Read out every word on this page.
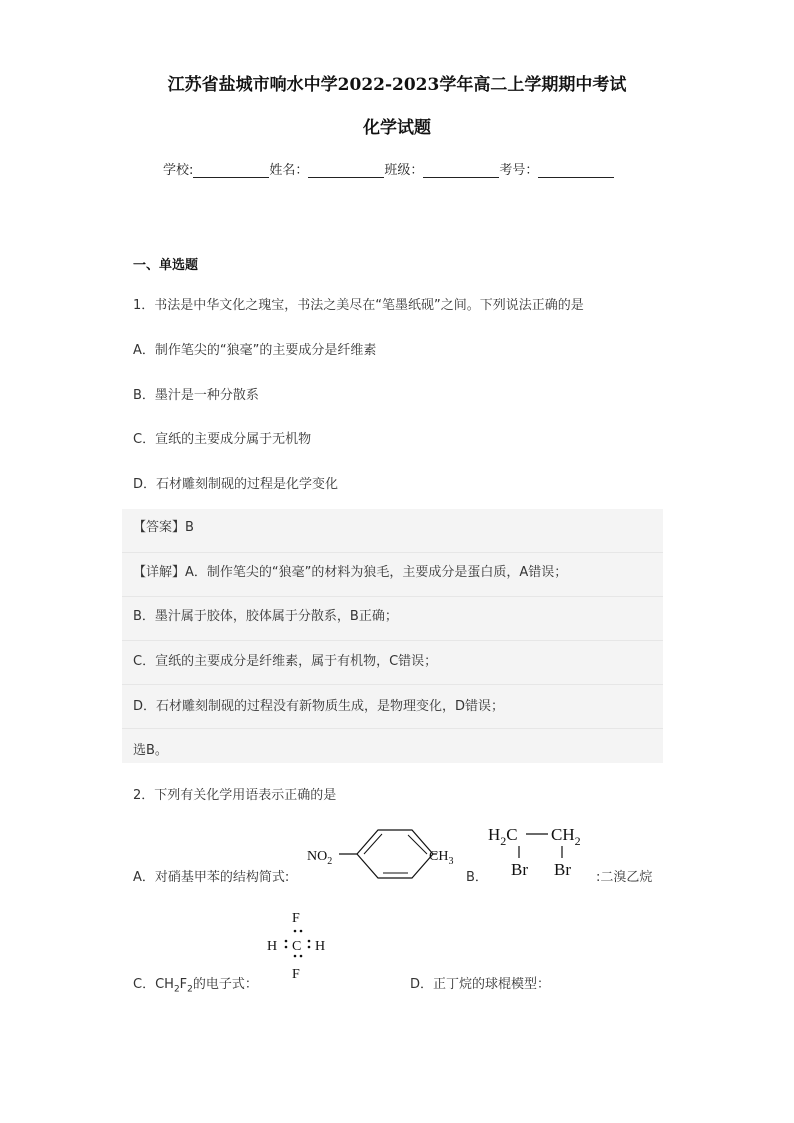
江苏省盐城市响水中学2022-2023学年高二上学期期中考试
化学试题
学校:	姓名：	班级：	考号：
一、单选题
1．书法是中华文化之瑰宝，书法之美尽在“笔墨纸砚”之间。下列说法正确的是
A．制作笔尖的“狼毫”的主要成分是纤维素
B．墨汁是一种分散系
C．宣纸的主要成分属于无机物
D．石材雕刻制砚的过程是化学变化
【答案】B
【详解】A．制作笔尖的“狼毫”的材料为狼毛，主要成分是蛋白质，A错误；
B．墨汁属于胶体，胶体属于分散系，B正确；
C．宣纸的主要成分是纤维素，属于有机物，C错误；
D．石材雕刻制砚的过程没有新物质生成，是物理变化，D错误；
选B。
2．下列有关化学用语表示正确的是
A．对硝基甲苯的结构简式:
$NO_2$	$CH_3$
B．
$H_2C$ $CH_2$
Br Br :二溴乙烷
C．$CH_2F_2$的电子式：
F
H C H
F
D．正丁烷的球棍模型：
